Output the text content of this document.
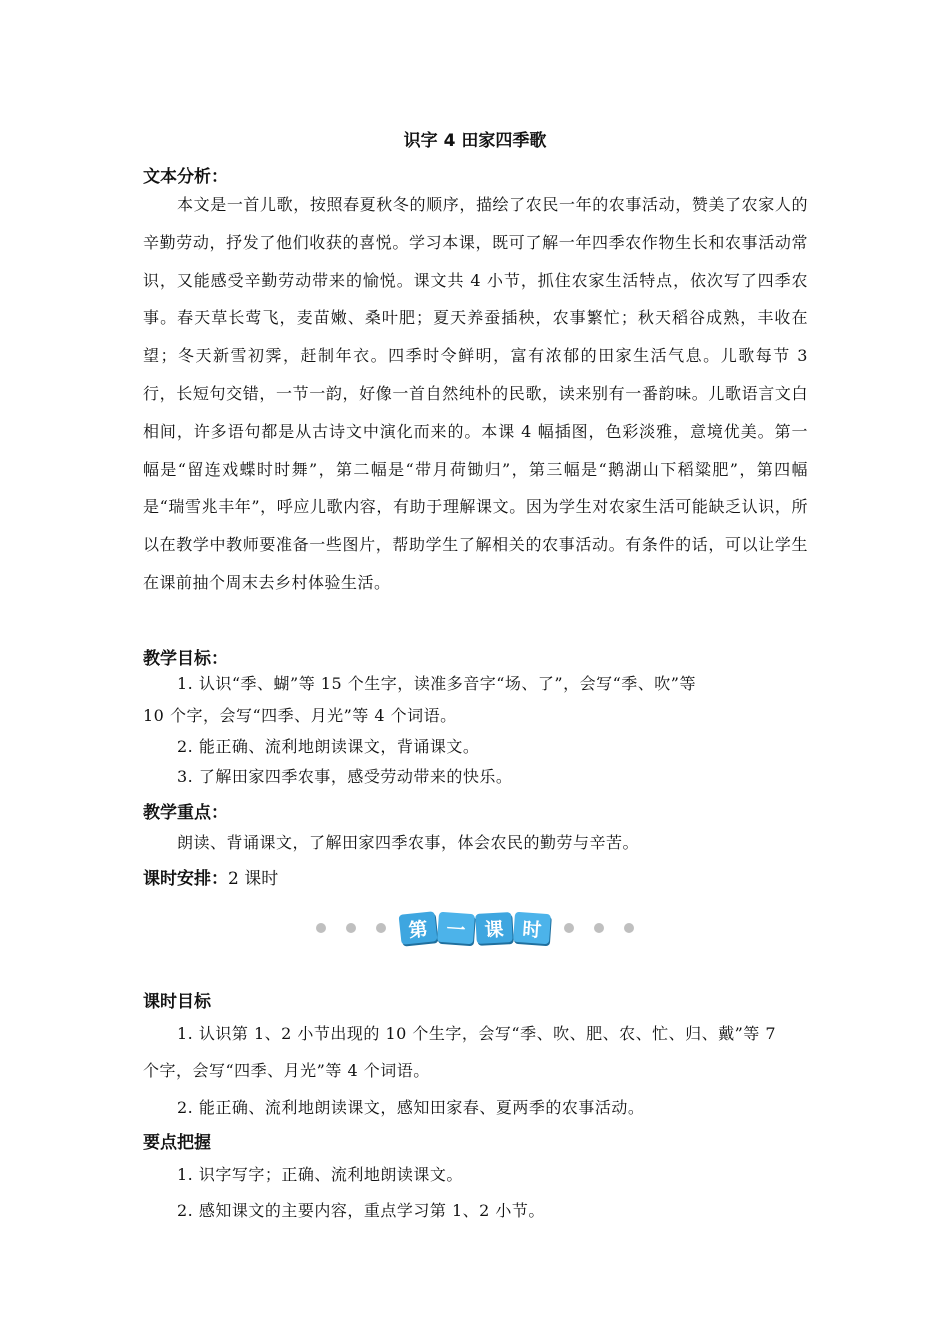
识字 4 田家四季歌
文本分析：
本文是一首儿歌，按照春夏秋冬的顺序，描绘了农民一年的农事活动，赞美了农家人的辛勤劳动，抒发了他们收获的喜悦。学习本课，既可了解一年四季农作物生长和农事活动常识，又能感受辛勤劳动带来的愉悦。课文共 4 小节，抓住农家生活特点，依次写了四季农事。春天草长莺飞，麦苗嫩、桑叶肥；夏天养蚕插秧，农事繁忙；秋天稻谷成熟，丰收在望；冬天新雪初霁，赶制年衣。四季时令鲜明，富有浓郁的田家生活气息。儿歌每节 3 行，长短句交错，一节一韵，好像一首自然纯朴的民歌，读来别有一番韵味。儿歌语言文白相间，许多语句都是从古诗文中演化而来的。本课 4 幅插图，色彩淡雅，意境优美。第一幅是“留连戏蝶时时舞”，第二幅是“带月荷锄归”，第三幅是“鹅湖山下稻粱肥”，第四幅是“瑞雪兆丰年”，呼应儿歌内容，有助于理解课文。因为学生对农家生活可能缺乏认识，所以在教学中教师要准备一些图片，帮助学生了解相关的农事活动。有条件的话，可以让学生在课前抽个周末去乡村体验生活。
教学目标：
1. 认识“季、蝴”等 15 个生字，读准多音字“场、了”，会写“季、吹”等
10 个字，会写“四季、月光”等 4 个词语。
2. 能正确、流利地朗读课文，背诵课文。
3. 了解田家四季农事，感受劳动带来的快乐。
教学重点：
朗读、背诵课文，了解田家四季农事，体会农民的勤劳与辛苦。
课时安排：2 课时
第 一 课 时
课时目标
1. 认识第 1、2 小节出现的 10 个生字，会写“季、吹、肥、农、忙、归、戴”等 7
个字，会写“四季、月光”等 4 个词语。
2. 能正确、流利地朗读课文，感知田家春、夏两季的农事活动。
要点把握
1. 识字写字；正确、流利地朗读课文。
2. 感知课文的主要内容，重点学习第 1、2 小节。
